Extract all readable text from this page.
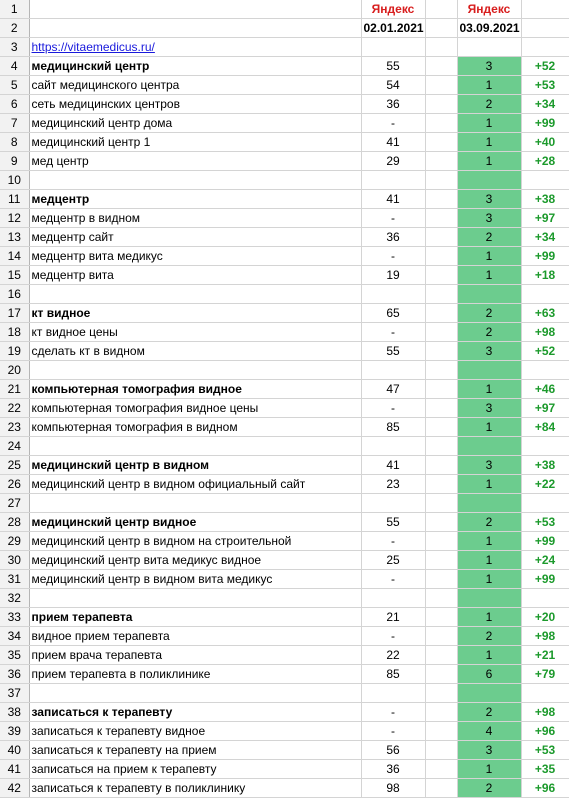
1		Яндекс		Яндекс	
2		02.01.2021		03.09.2021	
3	https://vitaemedicus.ru/				
4	медицинский центр	55		3	+52
5	сайт медицинского центра	54		1	+53
6	сеть медицинских центров	36		2	+34
7	медицинский центр дома	-		1	+99
8	медицинский центр 1	41		1	+40
9	мед центр	29		1	+28
10					
11	медцентр	41		3	+38
12	медцентр в видном	-		3	+97
13	медцентр сайт	36		2	+34
14	медцентр вита медикус	-		1	+99
15	медцентр вита	19		1	+18
16					
17	кт видное	65		2	+63
18	кт видное цены	-		2	+98
19	сделать кт в видном	55		3	+52
20					
21	компьютерная томография видное	47		1	+46
22	компьютерная томография видное цены	-		3	+97
23	компьютерная томография в видном	85		1	+84
24					
25	медицинский центр в видном	41		3	+38
26	медицинский центр в видном официальный сайт	23		1	+22
27					
28	медицинский центр видное	55		2	+53
29	медицинский центр в видном на строительной	-		1	+99
30	медицинский центр вита медикус видное	25		1	+24
31	медицинский центр в видном вита медикус	-		1	+99
32					
33	прием терапевта	21		1	+20
34	видное прием терапевта	-		2	+98
35	прием врача терапевта	22		1	+21
36	прием терапевта в поликлинике	85		6	+79
37					
38	записаться к терапевту	-		2	+98
39	записаться к терапевту видное	-		4	+96
40	записаться к терапевту на прием	56		3	+53
41	записаться на прием к терапевту	36		1	+35
42	записаться к терапевту в поликлинику	98		2	+96
